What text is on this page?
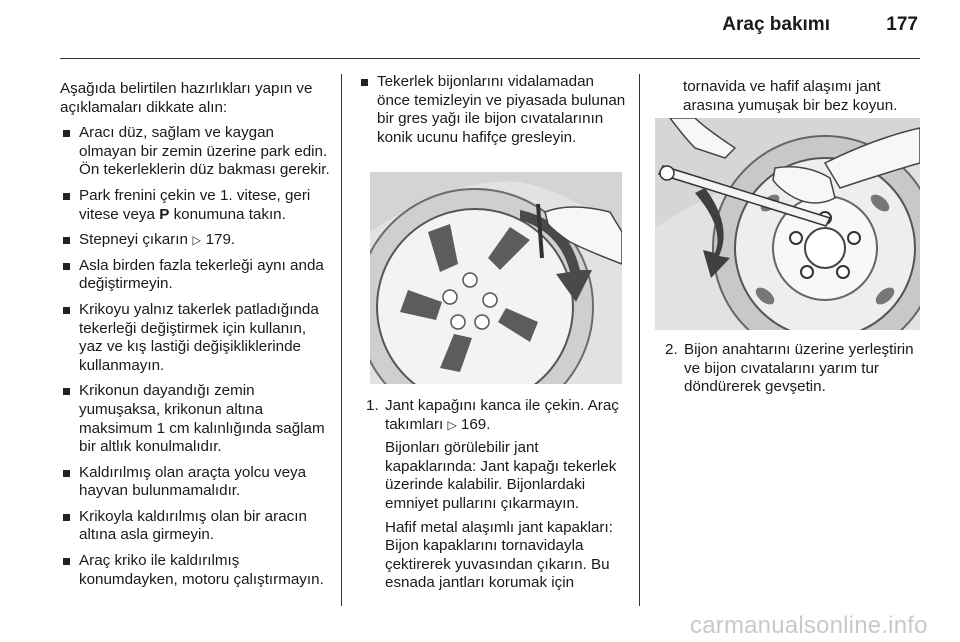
Araç bakımı	177

Aşağıda belirtilen hazırlıkları yapın ve açıklamaları dikkate alın:

Aracı düz, sağlam ve kaygan olmayan bir zemin üzerine park edin. Ön tekerleklerin düz bakması gerekir.
Park frenini çekin ve 1. vitese, geri vitese veya P konumuna takın.
Stepneyi çıkarın ▷ 179.
Asla birden fazla tekerleği aynı anda değiştirmeyin.
Krikoyu yalnız takerlek patladığında tekerleği değiştirmek için kullanın, yaz ve kış lastiği değişikliklerinde kullanmayın.
Krikonun dayandığı zemin yumuşaksa, krikonun altına maksimum 1 cm kalınlığında sağlam bir altlık konulmalıdır.
Kaldırılmış olan araçta yolcu veya hayvan bulunmamalıdır.
Krikoyla kaldırılmış olan bir aracın altına asla girmeyin.
Araç kriko ile kaldırılmış konumdayken, motoru çalıştırmayın.
Tekerlek bijonlarını vidalamadan önce temizleyin ve piyasada bulunan bir gres yağı ile bijon cıvatalarının konik ucunu hafifçe gresleyin.
1. Jant kapağını kanca ile çekin. Araç takımları ▷ 169.

Bijonları görülebilir jant kapaklarında: Jant kapağı tekerlek üzerinde kalabilir. Bijonlardaki emniyet pullarını çıkarmayın.

Hafif metal alaşımlı jant kapakları: Bijon kapaklarını tornavidayla çektirerek yuvasından çıkarın. Bu esnada jantları korumak için

tornavida ve hafif alaşımı jant arasına yumuşak bir bez koyun.

2. Bijon anahtarını üzerine yerleştirin ve bijon cıvatalarını yarım tur döndürerek gevşetin.

carmanualsonline.info
